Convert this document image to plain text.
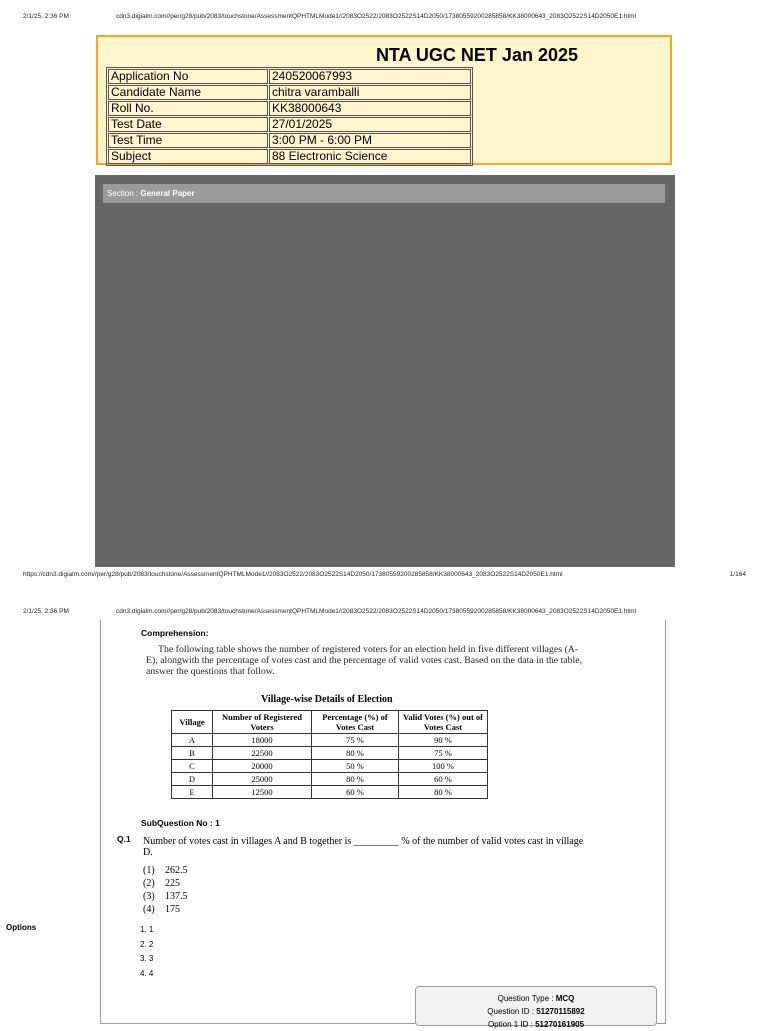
2/1/25, 2:36 PM	cdn3.digialm.com//per/g28/pub/2083/touchstone/AssessmentQPHTMLMode1//2083O2522/2083O2522S14D2050/17380559200285858/KK38000643_2083O2522S14D2050E1.html
NTA UGC NET Jan 2025
Application No	240520067993
Candidate Name	chitra varamballi
Roll No.	KK38000643
Test Date	27/01/2025
Test Time	3:00 PM - 6:00 PM
Subject	88 Electronic Science
Section : General Paper
https://cdn3.digialm.com//per/g28/pub/2083/touchstone/AssessmentQPHTMLMode1//2083O2522/2083O2522S14D2050/17380559200285858/KK38000643_2083O2522S14D2050E1.html	1/164
2/1/25, 2:36 PM	cdn3.digialm.com//per/g28/pub/2083/touchstone/AssessmentQPHTMLMode1//2083O2522/2083O2522S14D2050/17380559200285858/KK38000643_2083O2522S14D2050E1.html
Comprehension:
The following table shows the number of registered voters for an election held in five different villages (A-E), alongwith the percentage of votes cast and the percentage of valid votes cast. Based on the data in the table, answer the questions that follow.
Village-wise Details of Election
Village	Number of Registered Voters	Percentage (%) of Votes Cast	Valid Votes (%) out of Votes Cast
A	18000	75 %	90 %
B	22500	80 %	75 %
C	20000	50 %	100 %
D	25000	80 %	60 %
E	12500	60 %	80 %
SubQuestion No : 1
Q.1 Number of votes cast in villages A and B together is _________ % of the number of valid votes cast in village D.
(1) 262.5
(2) 225
(3) 137.5
(4) 175
Options	1. 1
2. 2
3. 3
4. 4
Question Type : MCQ
Question ID : 51270115892
Option 1 ID : 51270161905
